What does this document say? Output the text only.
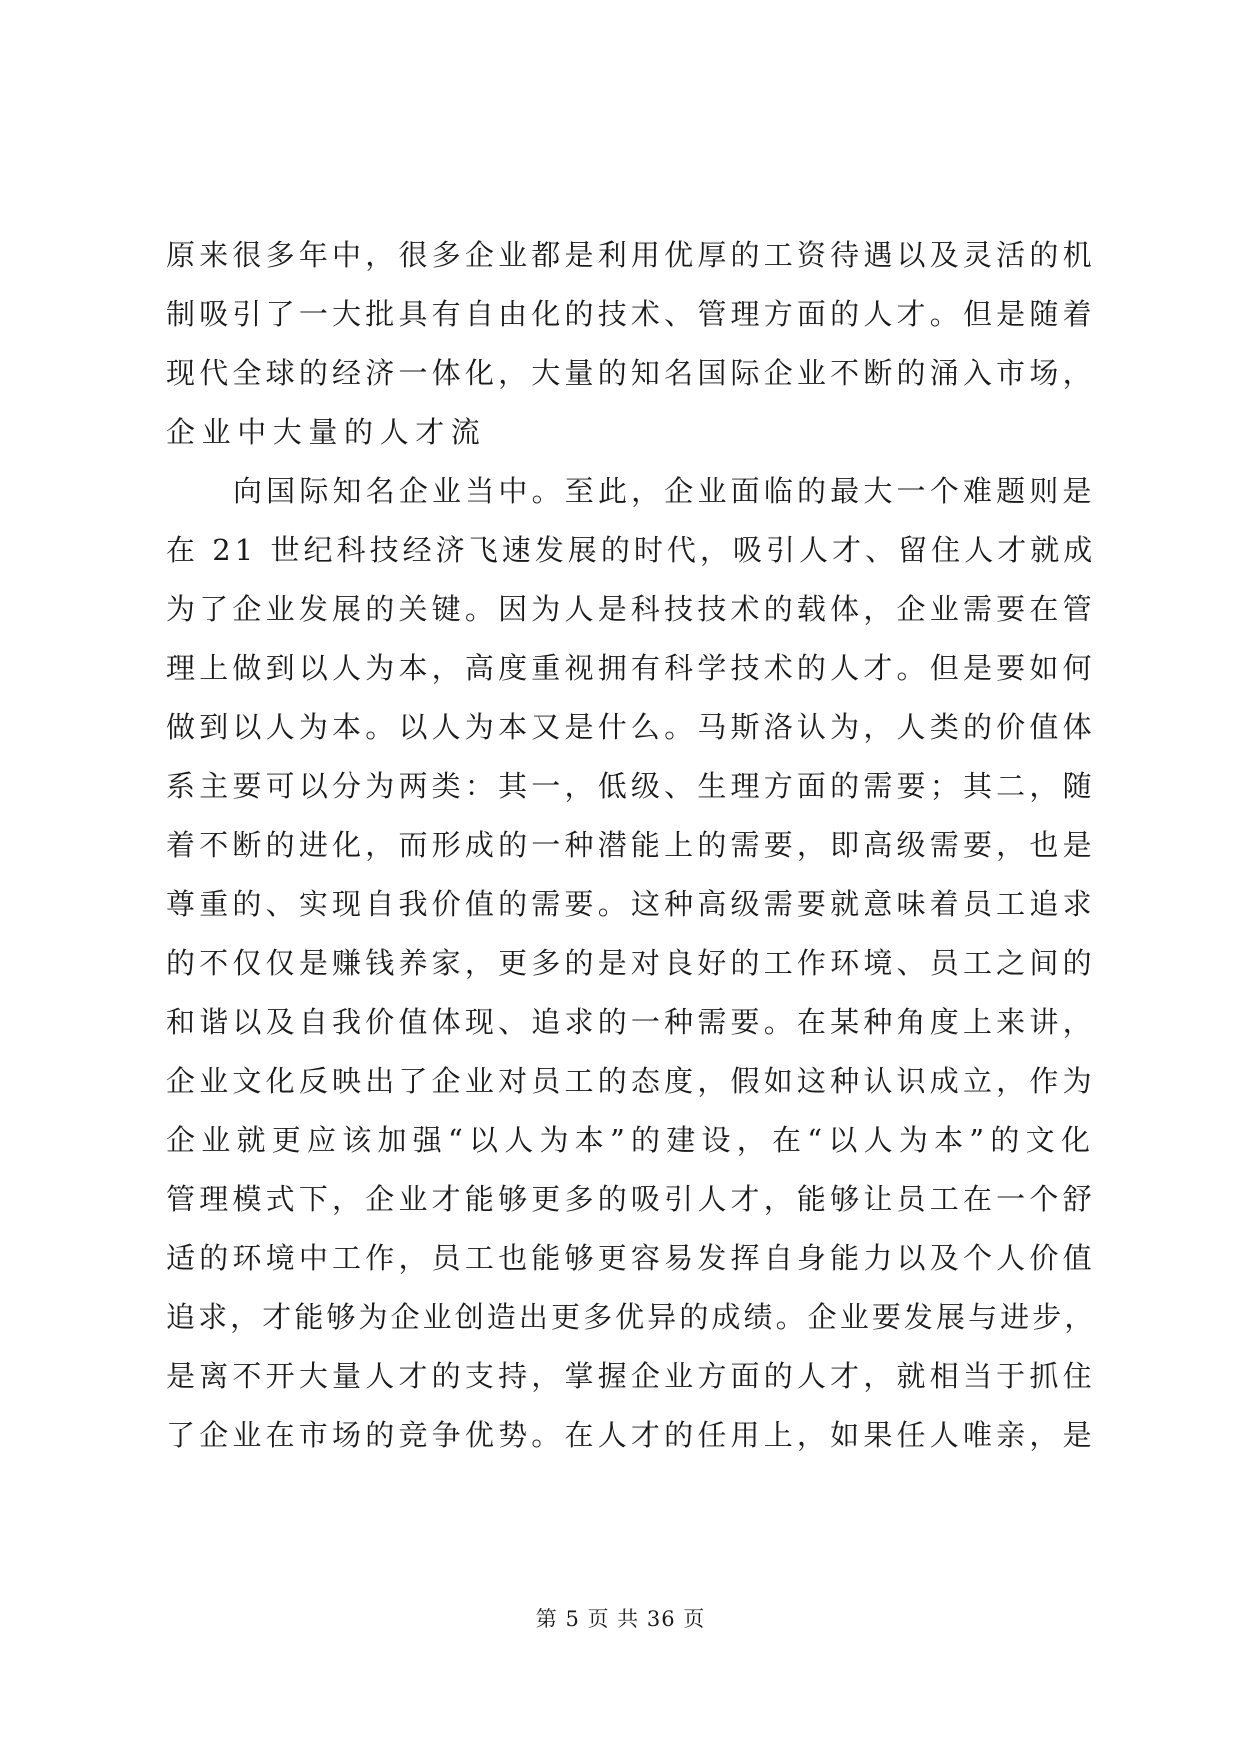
原来很多年中，很多企业都是利用优厚的工资待遇以及灵活的机
制吸引了一大批具有自由化的技术、管理方面的人才。但是随着
现代全球的经济一体化，大量的知名国际企业不断的涌入市场，
企业中大量的人才流
向国际知名企业当中。至此，企业面临的最大一个难题则是
在 21 世纪科技经济飞速发展的时代，吸引人才、留住人才就成
为了企业发展的关键。因为人是科技技术的载体，企业需要在管
理上做到以人为本，高度重视拥有科学技术的人才。但是要如何
做到以人为本。以人为本又是什么。马斯洛认为，人类的价值体
系主要可以分为两类：其一，低级、生理方面的需要；其二，随
着不断的进化，而形成的一种潜能上的需要，即高级需要，也是
尊重的、实现自我价值的需要。这种高级需要就意味着员工追求
的不仅仅是赚钱养家，更多的是对良好的工作环境、员工之间的
和谐以及自我价值体现、追求的一种需要。在某种角度上来讲，
企业文化反映出了企业对员工的态度，假如这种认识成立，作为
企业就更应该加强“以人为本”的建设，在“以人为本”的文化
管理模式下，企业才能够更多的吸引人才，能够让员工在一个舒
适的环境中工作，员工也能够更容易发挥自身能力以及个人价值
追求，才能够为企业创造出更多优异的成绩。企业要发展与进步，
是离不开大量人才的支持，掌握企业方面的人才，就相当于抓住
了企业在市场的竞争优势。在人才的任用上，如果任人唯亲，是
第 5 页 共 36 页
